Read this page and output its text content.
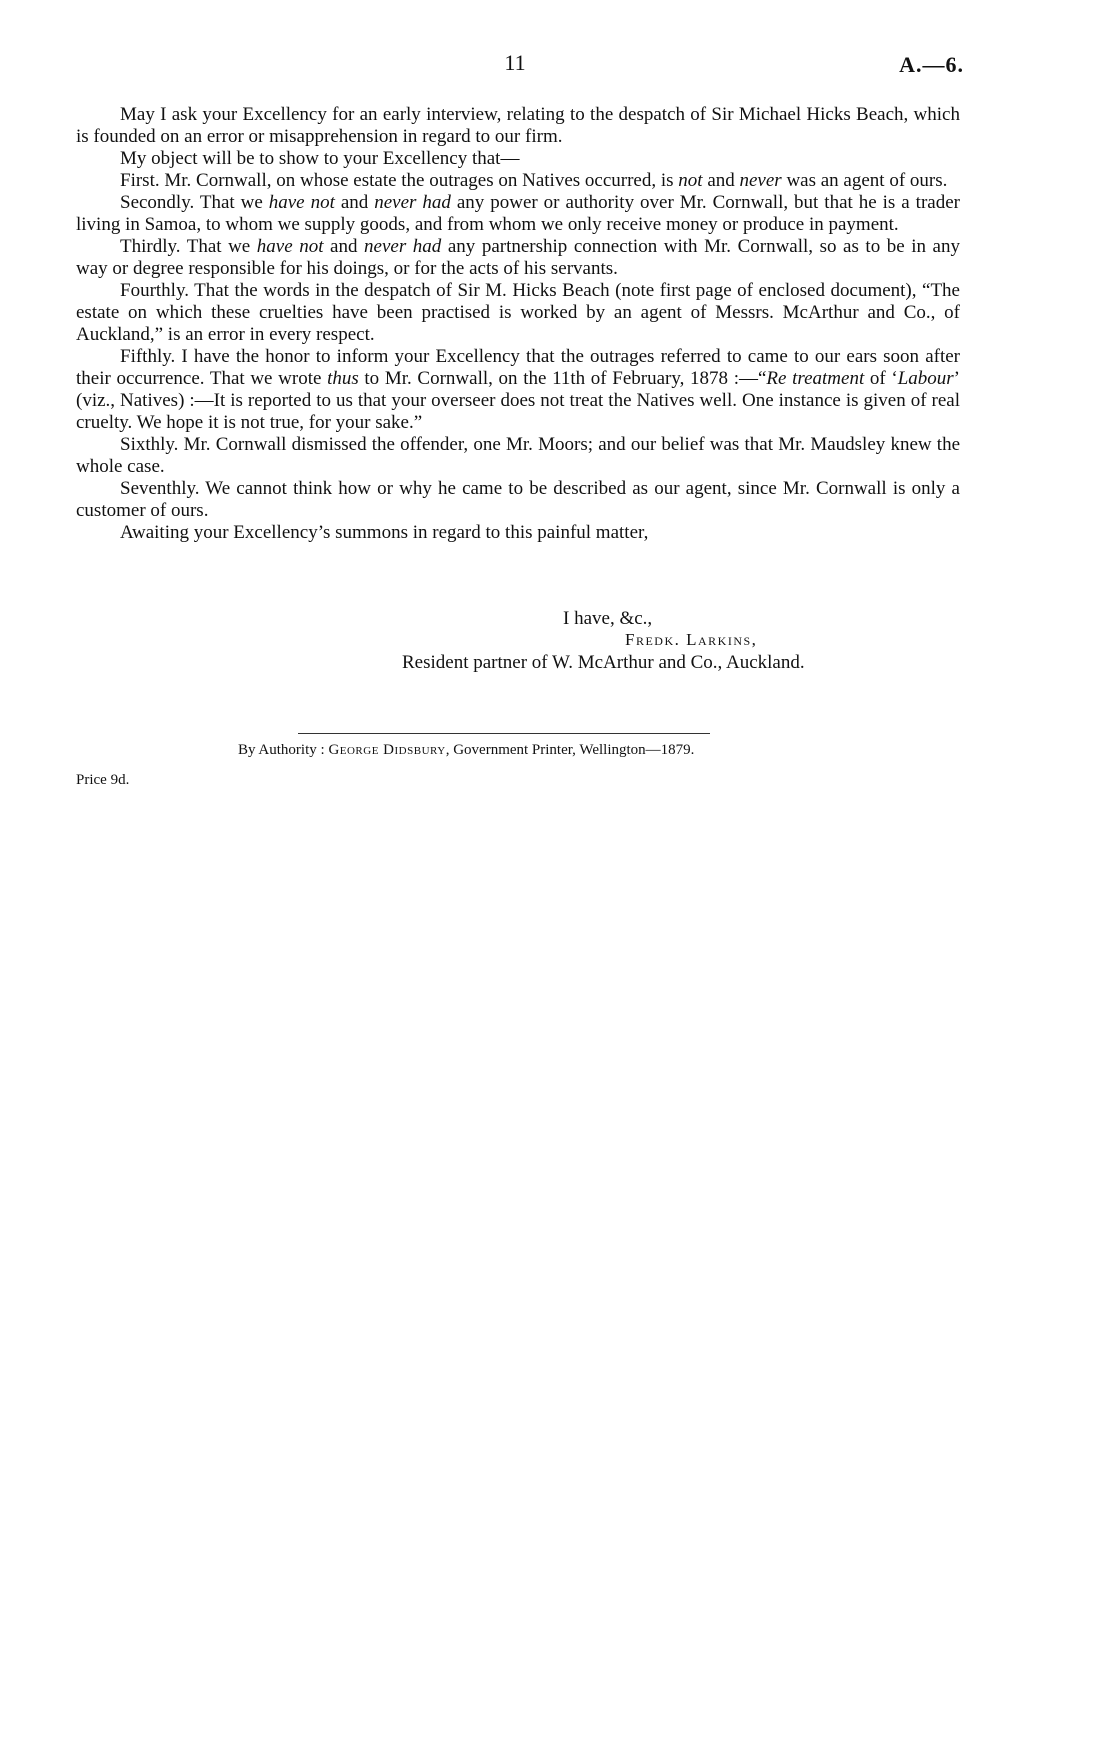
11	A.—6.

May I ask your Excellency for an early interview, relating to the despatch of Sir Michael Hicks Beach, which is founded on an error or misapprehension in regard to our firm.

My object will be to show to your Excellency that—

First. Mr. Cornwall, on whose estate the outrages on Natives occurred, is not and never was an agent of ours.

Secondly. That we have not and never had any power or authority over Mr. Cornwall, but that he is a trader living in Samoa, to whom we supply goods, and from whom we only receive money or produce in payment.

Thirdly. That we have not and never had any partnership connection with Mr. Cornwall, so as to be in any way or degree responsible for his doings, or for the acts of his servants.

Fourthly. That the words in the despatch of Sir M. Hicks Beach (note first page of enclosed document), “The estate on which these cruelties have been practised is worked by an agent of Messrs. McArthur and Co., of Auckland,” is an error in every respect.

Fifthly. I have the honor to inform your Excellency that the outrages referred to came to our ears soon after their occurrence. That we wrote thus to Mr. Cornwall, on the 11th of February, 1878 :—“Re treatment of ‘Labour’ (viz., Natives) :—It is reported to us that your overseer does not treat the Natives well. One instance is given of real cruelty. We hope it is not true, for your sake.”

Sixthly. Mr. Cornwall dismissed the offender, one Mr. Moors; and our belief was that Mr. Maudsley knew the whole case.

Seventhly. We cannot think how or why he came to be described as our agent, since Mr. Cornwall is only a customer of ours.

Awaiting your Excellency’s summons in regard to this painful matter,

I have, &c.,
Fredk. Larkins,
Resident partner of W. McArthur and Co., Auckland.
By Authority : George Didsbury, Government Printer, Wellington—1879.
Price 9d.
